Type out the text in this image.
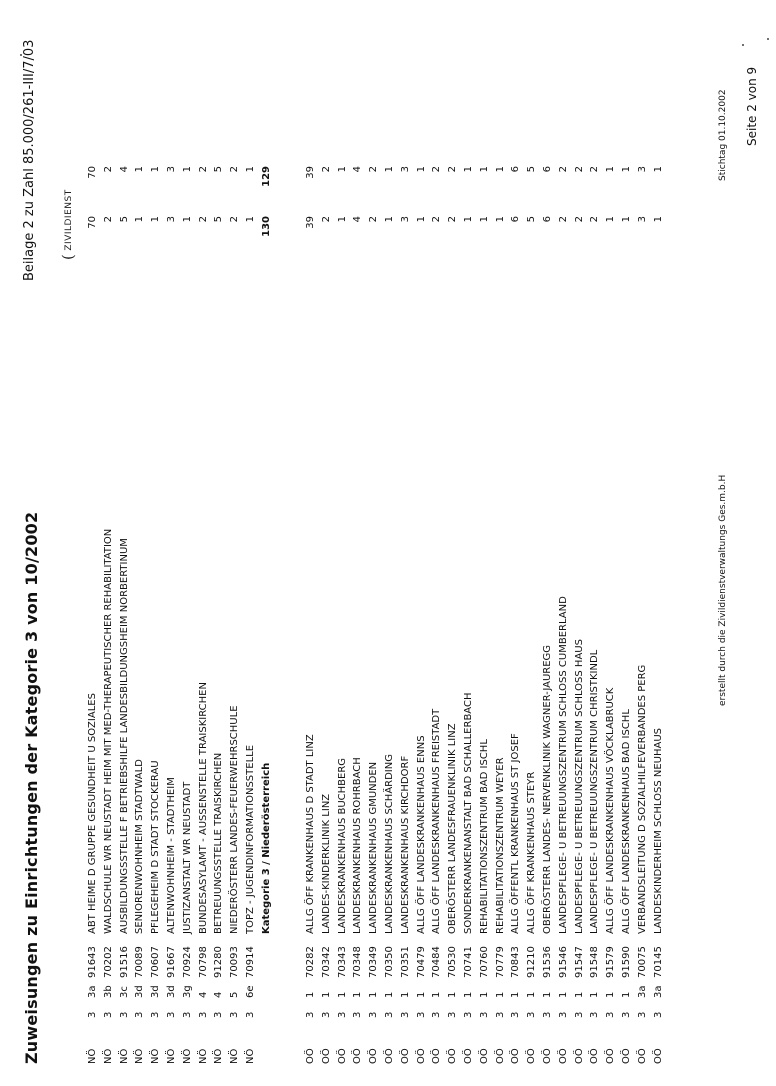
Zuweisungen zu Einrichtungen der Kategorie 3 von 10/2002
Beilage 2 zu Zahl 85.000/261-III/7/03 (ZIVILDIENST
NÖ
3
3a
91643
ABT HEIME D GRUPPE GESUNDHEIT U SOZIALES
70
70
NÖ
3
3b
70202
WALDSCHULE WR NEUSTADT HEIM MIT MED-THERAPEUTISCHER REHABILITATION
2
2
NÖ
3
3c
91516
AUSBILDUNGSSTELLE F BETRIEBSHILFE LANDESBILDUNGSHEIM NORBERTINUM
5
4
NÖ
3
3d
70089
SENIORENWOHNHEIM STADTWALD
1
1
NÖ
3
3d
70607
PFLEGEHEIM D STADT STOCKERAU
1
1
NÖ
3
3d
91667
ALTENWOHNHEIM - STADTHEIM
3
3
NÖ
3
3g
70924
JUSTIZANSTALT WR NEUSTADT
1
1
NÖ
3
4
70798
BUNDESASYLAMT - AUSSENSTELLE TRAISKIRCHEN
2
2
NÖ
3
4
91280
BETREUUNGSSTELLE TRAISKIRCHEN
5
5
NÖ
3
5
70093
NIEDERÖSTERR LANDES-FEUERWEHRSCHULE
2
2
NÖ
3
6e
70914
TOPZ - JUGENDINFORMATIONSSTELLE
1
1
Kategorie 3 / Niederösterreich
130
129
OÖ
3
1
70282
ALLG ÖFF KRANKENHAUS D STADT LINZ
39
39
OÖ
3
1
70342
LANDES-KINDERKLINIK LINZ
2
2
OÖ
3
1
70343
LANDESKRANKENHAUS BUCHBERG
1
1
OÖ
3
1
70348
LANDESKRANKENHAUS ROHRBACH
4
4
OÖ
3
1
70349
LANDESKRANKENHAUS GMUNDEN
2
2
OÖ
3
1
70350
LANDESKRANKENHAUS SCHÄRDING
1
1
OÖ
3
1
70351
LANDESKRANKENHAUS KIRCHDORF
3
3
OÖ
3
1
70479
ALLG ÖFF LANDESKRANKENHAUS ENNS
1
1
OÖ
3
1
70484
ALLG ÖFF LANDESKRANKENHAUS FREISTADT
2
2
OÖ
3
1
70530
OBERÖSTERR LANDESFRAUENKLINIK LINZ
2
2
OÖ
3
1
70741
SONDERKRANKENANSTALT BAD SCHALLERBACH
1
1
OÖ
3
1
70760
REHABILITATIONSZENTRUM BAD ISCHL
1
1
OÖ
3
1
70779
REHABILITATIONSZENTRUM WEYER
1
1
OÖ
3
1
70843
ALLG ÖFFENTL KRANKENHAUS ST JOSEF
6
6
OÖ
3
1
91210
ALLG ÖFF KRANKENHAUS STEYR
5
5
OÖ
3
1
91536
OBERÖSTERR LANDES- NERVENKLINIK WAGNER-JAUREGG
6
6
OÖ
3
1
91546
LANDESPFLEGE- U BETREUUNGSZENTRUM SCHLOSS CUMBERLAND
2
2
OÖ
3
1
91547
LANDESPFLEGE- U BETREUUNGSZENTRUM SCHLOSS HAUS
2
2
OÖ
3
1
91548
LANDESPFLEGE- U BETREUUNGSZENTRUM CHRISTKINDL
2
2
OÖ
3
1
91579
ALLG ÖFF LANDESKRANKENHAUS VÖCKLABRUCK
1
1
OÖ
3
1
91590
ALLG ÖFF LANDESKRANKENHAUS BAD ISCHL
1
1
OÖ
3
3a
70075
VERBANDSLEITUNG D SOZIALHILFEVERBANDES PERG
3
3
OÖ
3
3a
70145
LANDESKINDERHEIM SCHLOSS NEUHAUS
1
1
erstellt durch die Zivildienstverwaltungs Ges.m.b.H
Stichtag 01.10.2002 Seite 2 von 9
